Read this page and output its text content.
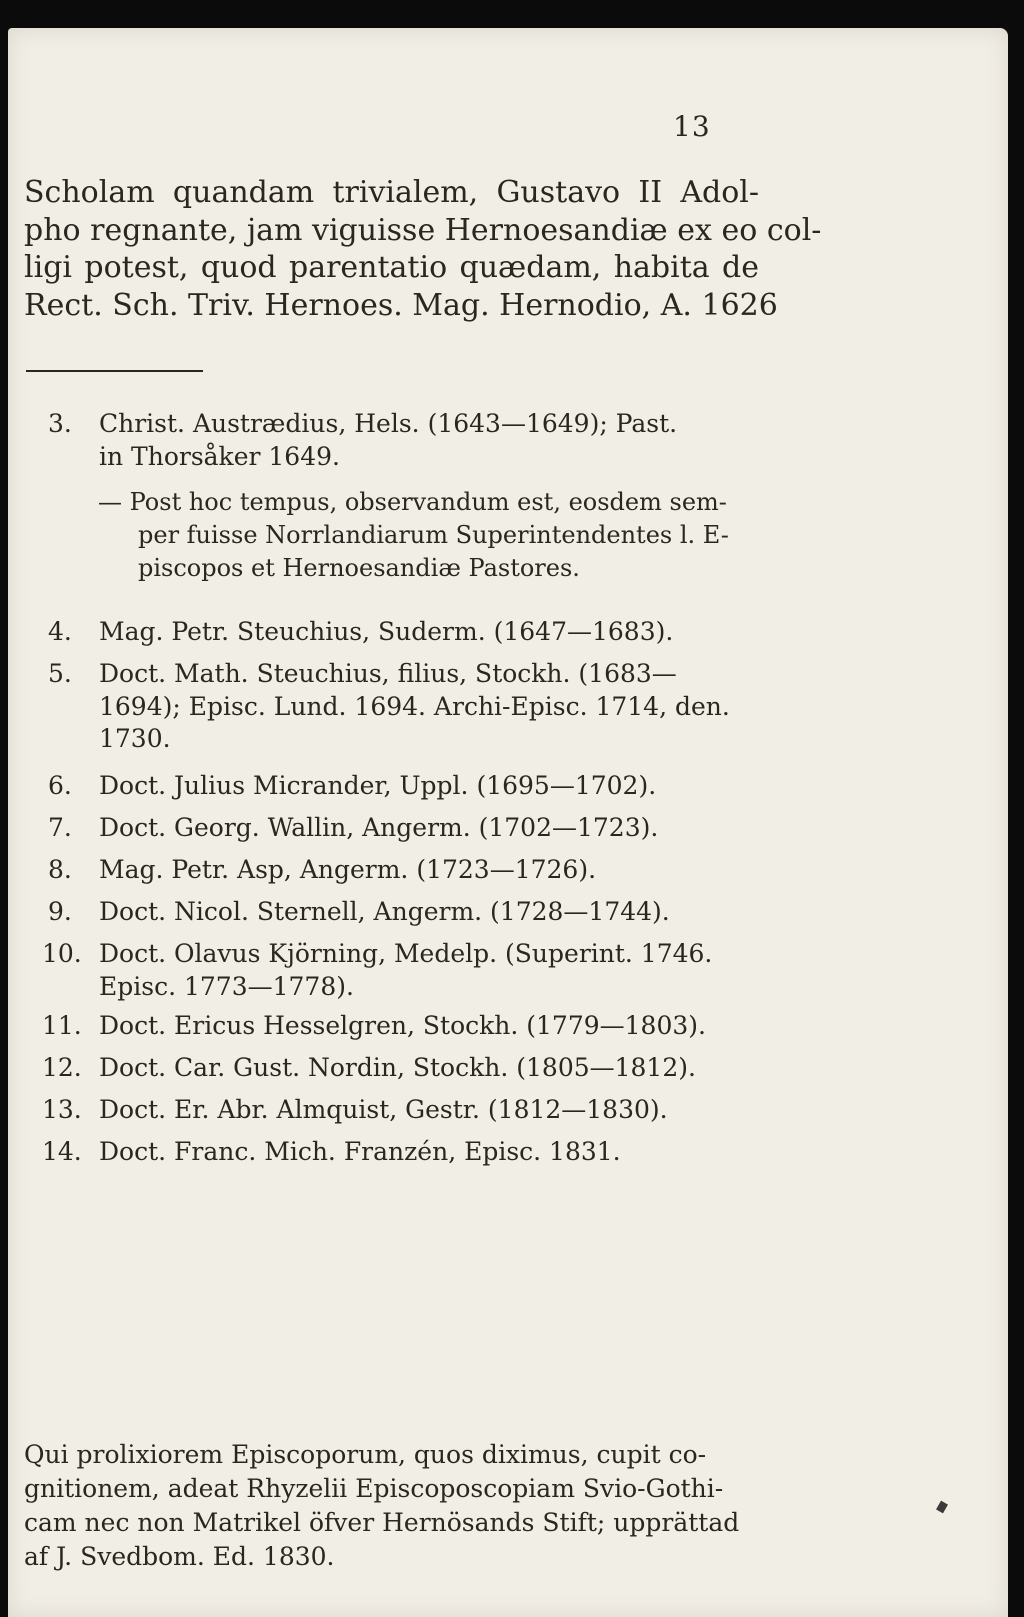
13
Scholam quandam trivialem, Gustavo II Adol-
pho regnante, jam viguisse Hernoesandiæ ex eo col-
ligi potest, quod parentatio quædam, habita de
Rect. Sch. Triv. Hernoes. Mag. Hernodio, A. 1626
3.	Christ. Austrædius, Hels. (1643—1649); Past.
in Thorsåker 1649.
— Post hoc tempus, observandum est, eosdem sem-
per fuisse Norrlandiarum Superintendentes l. E-
piscopos et Hernoesandiæ Pastores.
4.	Mag. Petr. Steuchius, Suderm. (1647—1683).
5.	Doct. Math. Steuchius, filius, Stockh. (1683—
1694); Episc. Lund. 1694. Archi-Episc. 1714, den.
1730.
6.	Doct. Julius Micrander, Uppl. (1695—1702).
7.	Doct. Georg. Wallin, Angerm. (1702—1723).
8.	Mag. Petr. Asp, Angerm. (1723—1726).
9.	Doct. Nicol. Sternell, Angerm. (1728—1744).
10. Doct. Olavus Kjörning, Medelp. (Superint. 1746.
Episc. 1773—1778).
11. Doct. Ericus Hesselgren, Stockh. (1779—1803).
12. Doct. Car. Gust. Nordin, Stockh. (1805—1812).
13. Doct. Er. Abr. Almquist, Gestr. (1812—1830).
14. Doct. Franc. Mich. Franzén, Episc. 1831.
Qui prolixiorem Episcoporum, quos diximus, cupit co-
gnitionem, adeat Rhyzelii Episcoposcopiam Svio-Gothi-
cam nec non Matrikel öfver Hernösands Stift; upprättad
af J. Svedbom. Ed. 1830.
